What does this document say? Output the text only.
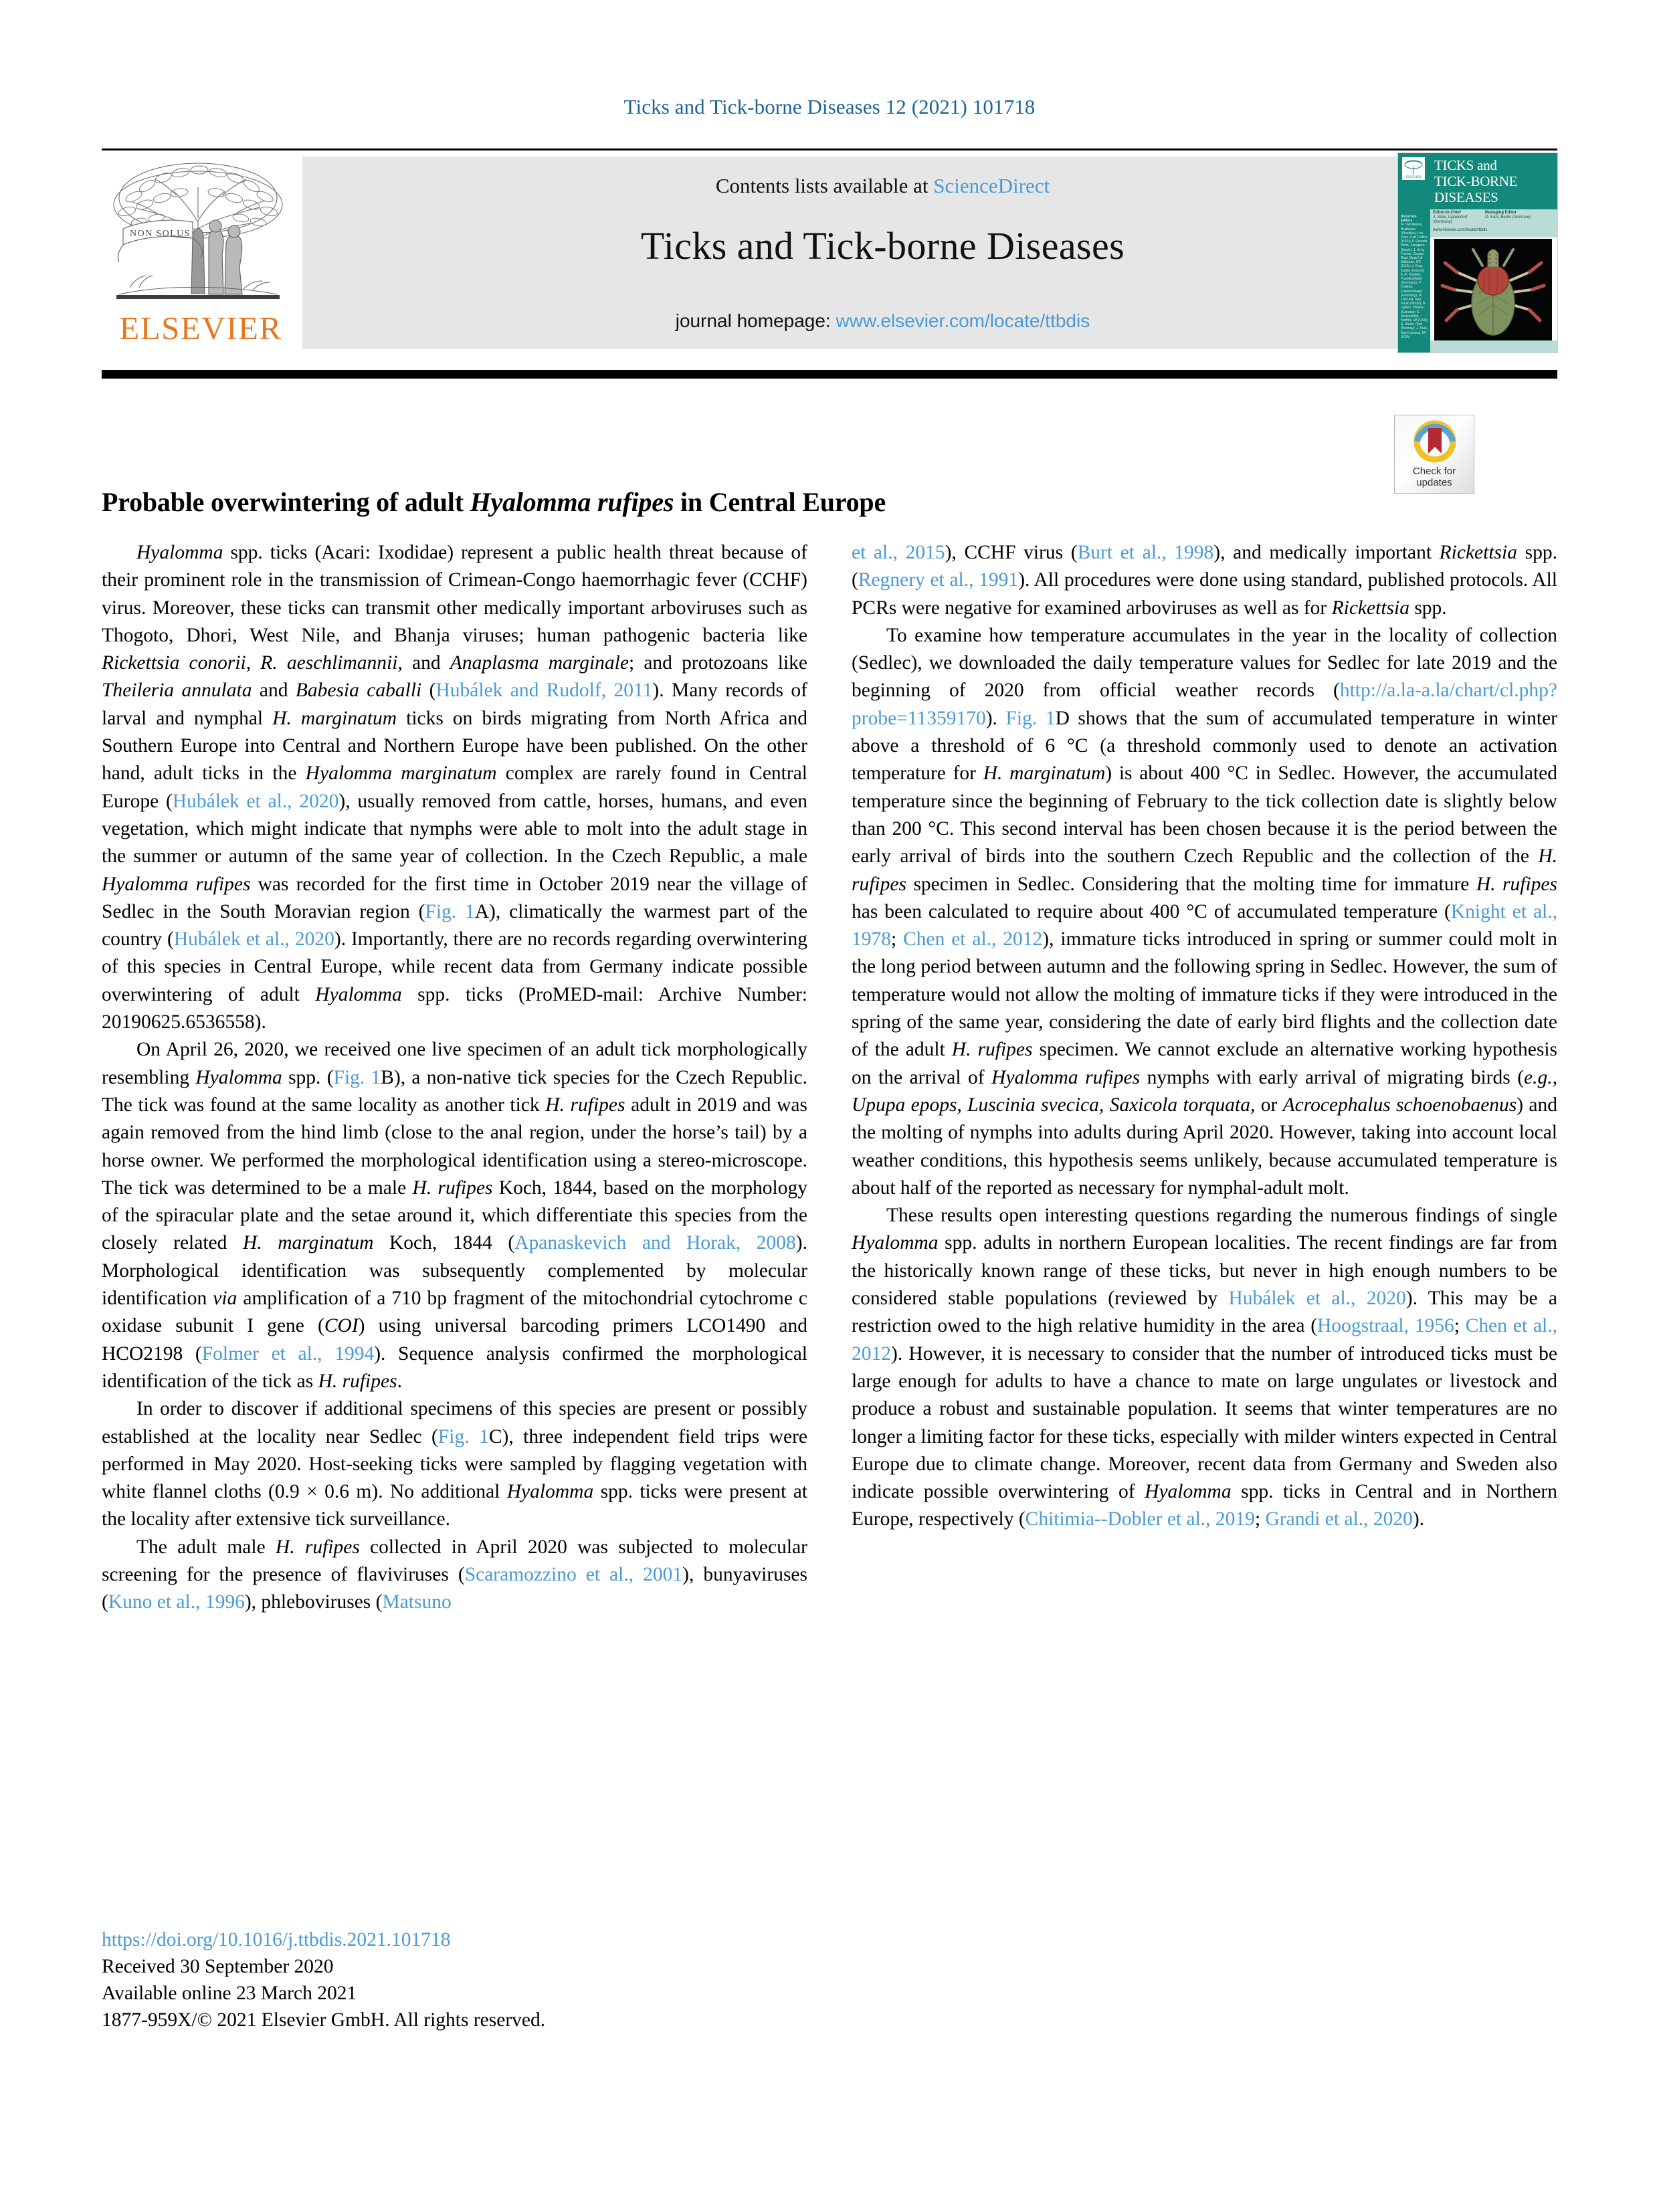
Ticks and Tick-borne Diseases 12 (2021) 101718
NON SOLUS
ELSEVIER
Contents lists available at ScienceDirect
Ticks and Tick-borne Diseases
journal homepage: www.elsevier.com/locate/ttbdis
ELSEVIER
TICKS and
TICK-BORNE
DISEASES
Editor-in-Chief
J. Süss, Lippendorf (Germany)Managing Editor
O. Kahl, Berlin (Germany)
Associate Editors
M. Derdakova, Bratislava (Slovakia); Lou Zhen, Fort Collins (USA); A. Estrada-Peña, Zaragoza (Spain); J. de la Fuente, Ciudad Real (Spain) & Stillwater, OK (USA); J. Gray, Dublin (Ireland); K.-P. Hunfeld, Frankfurt/Main (Germany); P. Krälicky, Frankfurt/Main (Germany); M. Labruna, Sao Paulo (Brazil); N. Ogden, Ottawa (Canada); S. Sonenshine, Norfolk, VA (USA); S. Stuen, Oslo (Norway); J. Tsao, East Lansing, MI (USA)
www.elsevier.com/locate/ttbdis
Check for
updates
Probable overwintering of adult Hyalomma rufipes in Central Europe

Hyalomma spp. ticks (Acari: Ixodidae) represent a public health threat because of their prominent role in the transmission of Crimean-Congo haemorrhagic fever (CCHF) virus. Moreover, these ticks can transmit other medically important arboviruses such as Thogoto, Dhori, West Nile, and Bhanja viruses; human pathogenic bacteria like Rickettsia conorii, R. aeschlimannii, and Anaplasma marginale; and protozoans like Theileria annulata and Babesia caballi (Hubálek and Rudolf, 2011). Many records of larval and nymphal H. marginatum ticks on birds migrating from North Africa and Southern Europe into Central and Northern Europe have been published. On the other hand, adult ticks in the Hyalomma marginatum complex are rarely found in Central Europe (Hubálek et al., 2020), usually removed from cattle, horses, humans, and even vegetation, which might indicate that nymphs were able to molt into the adult stage in the summer or autumn of the same year of collection. In the Czech Republic, a male Hyalomma rufipes was recorded for the first time in October 2019 near the village of Sedlec in the South Moravian region (Fig. 1A), climatically the warmest part of the country (Hubálek et al., 2020). Importantly, there are no records regarding overwintering of this species in Central Europe, while recent data from Germany indicate possible overwintering of adult Hyalomma spp. ticks (ProMED-mail: Archive Number: 20190625.6536558).

On April 26, 2020, we received one live specimen of an adult tick morphologically resembling Hyalomma spp. (Fig. 1B), a non-native tick species for the Czech Republic. The tick was found at the same locality as another tick H. rufipes adult in 2019 and was again removed from the hind limb (close to the anal region, under the horse’s tail) by a horse owner. We performed the morphological identification using a stereo-microscope. The tick was determined to be a male H. rufipes Koch, 1844, based on the morphology of the spiracular plate and the setae around it, which differentiate this species from the closely related H. marginatum Koch, 1844 (Apanaskevich and Horak, 2008). Morphological identification was subsequently complemented by molecular identification via amplification of a 710 bp fragment of the mitochondrial cytochrome c oxidase subunit I gene (COI) using universal barcoding primers LCO1490 and HCO2198 (Folmer et al., 1994). Sequence analysis confirmed the morphological identification of the tick as H. rufipes.

In order to discover if additional specimens of this species are present or possibly established at the locality near Sedlec (Fig. 1C), three independent field trips were performed in May 2020. Host-seeking ticks were sampled by flagging vegetation with white flannel cloths (0.9 × 0.6 m). No additional Hyalomma spp. ticks were present at the locality after extensive tick surveillance.

The adult male H. rufipes collected in April 2020 was subjected to molecular screening for the presence of flaviviruses (Scaramozzino et al., 2001), bunyaviruses (Kuno et al., 1996), phleboviruses (Matsuno

et al., 2015), CCHF virus (Burt et al., 1998), and medically important Rickettsia spp. (Regnery et al., 1991). All procedures were done using standard, published protocols. All PCRs were negative for examined arboviruses as well as for Rickettsia spp.

To examine how temperature accumulates in the year in the locality of collection (Sedlec), we downloaded the daily temperature values for Sedlec for late 2019 and the beginning of 2020 from official weather records (http://a.la-a.la/chart/cl.php?probe=11359170). Fig. 1D shows that the sum of accumulated temperature in winter above a threshold of 6 °C (a threshold commonly used to denote an activation temperature for H. marginatum) is about 400 °C in Sedlec. However, the accumulated temperature since the beginning of February to the tick collection date is slightly below than 200 °C. This second interval has been chosen because it is the period between the early arrival of birds into the southern Czech Republic and the collection of the H. rufipes specimen in Sedlec. Considering that the molting time for immature H. rufipes has been calculated to require about 400 °C of accumulated temperature (Knight et al., 1978; Chen et al., 2012), immature ticks introduced in spring or summer could molt in the long period between autumn and the following spring in Sedlec. However, the sum of temperature would not allow the molting of immature ticks if they were introduced in the spring of the same year, considering the date of early bird flights and the collection date of the adult H. rufipes specimen. We cannot exclude an alternative working hypothesis on the arrival of Hyalomma rufipes nymphs with early arrival of migrating birds (e.g., Upupa epops, Luscinia svecica, Saxicola torquata, or Acrocephalus schoenobaenus) and the molting of nymphs into adults during April 2020. However, taking into account local weather conditions, this hypothesis seems unlikely, because accumulated temperature is about half of the reported as necessary for nymphal-adult molt.

These results open interesting questions regarding the numerous findings of single Hyalomma spp. adults in northern European localities. The recent findings are far from the historically known range of these ticks, but never in high enough numbers to be considered stable populations (reviewed by Hubálek et al., 2020). This may be a restriction owed to the high relative humidity in the area (Hoogstraal, 1956; Chen et al., 2012). However, it is necessary to consider that the number of introduced ticks must be large enough for adults to have a chance to mate on large ungulates or livestock and produce a robust and sustainable population. It seems that winter temperatures are no longer a limiting factor for these ticks, especially with milder winters expected in Central Europe due to climate change. Moreover, recent data from Germany and Sweden also indicate possible overwintering of Hyalomma spp. ticks in Central and in Northern Europe, respectively (Chitimia--Dobler et al., 2019; Grandi et al., 2020).

https://doi.org/10.1016/j.ttbdis.2021.101718
Received 30 September 2020
Available online 23 March 2021
1877-959X/© 2021 Elsevier GmbH. All rights reserved.
